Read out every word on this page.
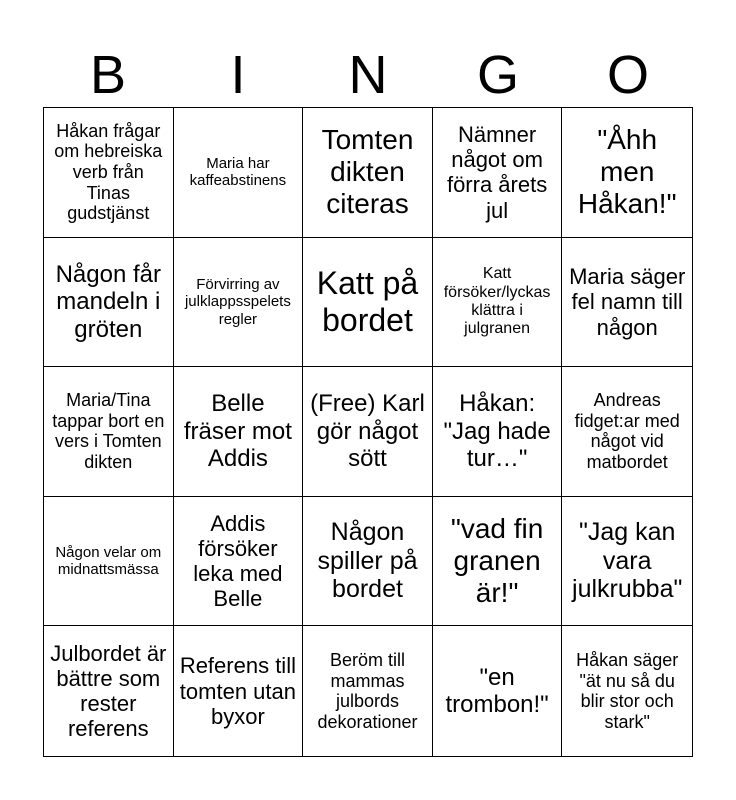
B	I	N	G	O
Håkan frågar om hebreiska verb från Tinas gudstjänst
Maria har kaffeabstinens
Tomten dikten citeras
Nämner något om förra årets jul
"Åhh men Håkan!"
Någon får mandeln i gröten
Förvirring av julklappsspelets regler
Katt på bordet
Katt försöker/lyckas klättra i julgranen
Maria säger fel namn till någon
Maria/Tina tappar bort en vers i Tomten dikten
Belle fräser mot Addis
(Free) Karl gör något sött
Håkan: "Jag hade tur…"
Andreas fidget:ar med något vid matbordet
Någon velar om midnattsmässa
Addis försöker leka med Belle
Någon spiller på bordet
"vad fin granen är!"
"Jag kan vara julkrubba"
Julbordet är bättre som rester referens
Referens till tomten utan byxor
Beröm till mammas julbords dekorationer
"en trombon!"
Håkan säger "ät nu så du blir stor och stark"
